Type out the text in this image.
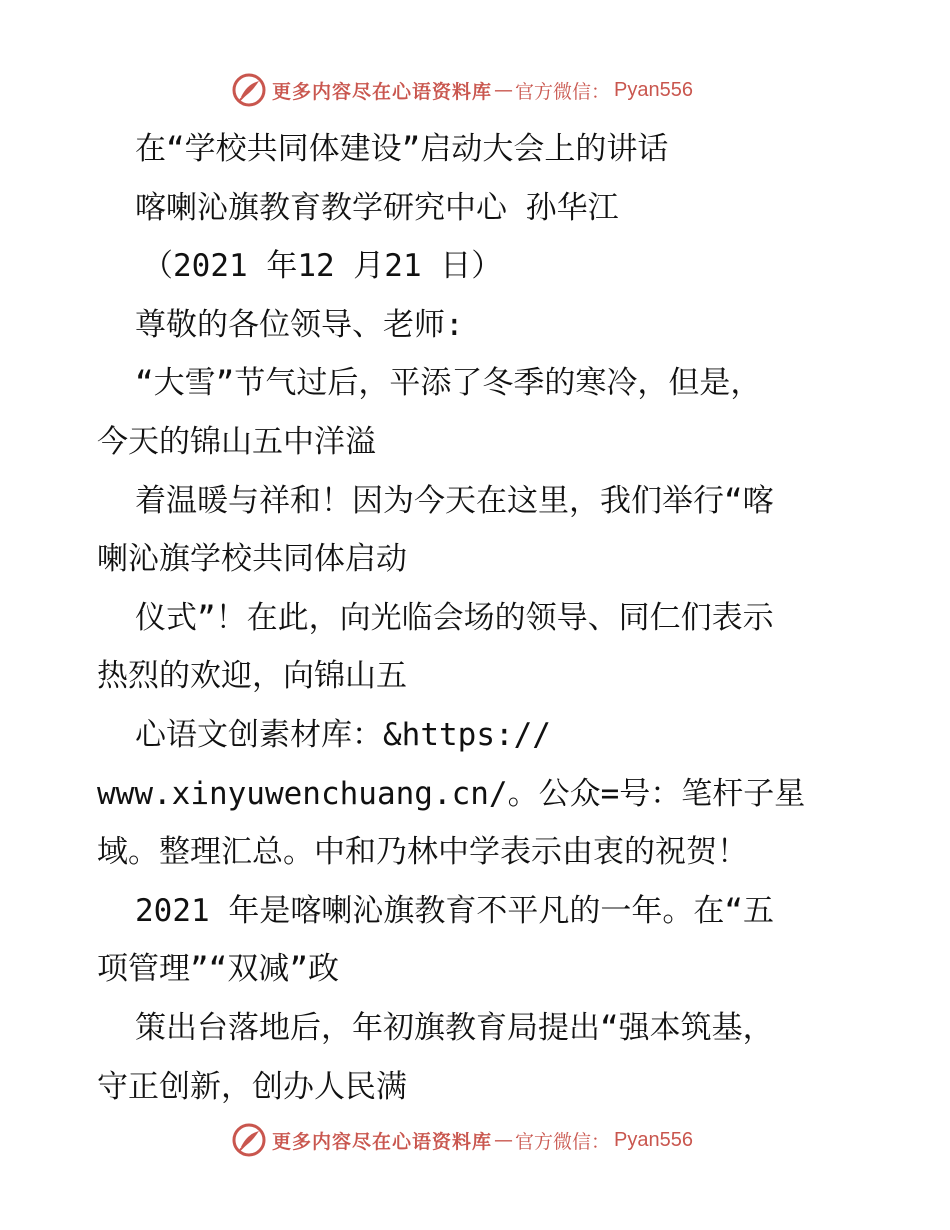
更多内容尽在心语资料库 — 官方微信： Pyan556
在“学校共同体建设”启动大会上的讲话
喀喇沁旗教育教学研究中心 孙华江
（2021 年12 月21 日）
尊敬的各位领导、老师:
“大雪”节气过后，平添了冬季的寒冷，但是，
今天的锦山五中洋溢
着温暖与祥和！因为今天在这里，我们举行“喀
喇沁旗学校共同体启动
仪式”！在此，向光临会场的领导、同仁们表示
热烈的欢迎，向锦山五
心语文创素材库：&https://
www.xinyuwenchuang.cn/。公众=号：笔杆子星
域。整理汇总。中和乃林中学表示由衷的祝贺！
2021 年是喀喇沁旗教育不平凡的一年。在“五
项管理”“双减”政
策出台落地后，年初旗教育局提出“强本筑基，
守正创新，创办人民满
更多内容尽在心语资料库 — 官方微信： Pyan556
